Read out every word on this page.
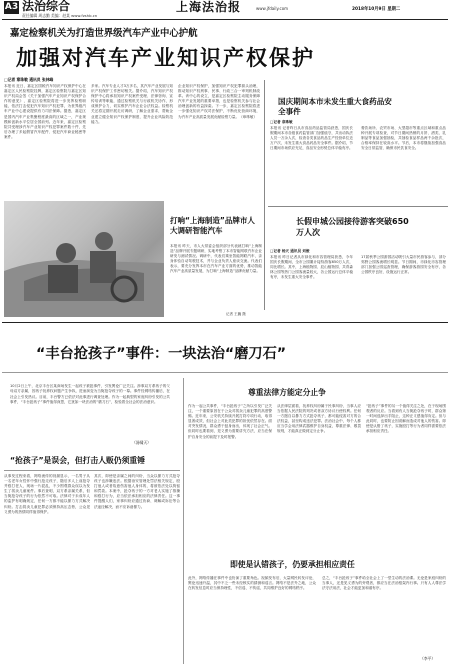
A3 法治综合
责任编辑 周志勤 美编：赵某 www.fzshb.cn
上海法治报	www.jfdaily.com	2018年10月9日 星期二
嘉定检察机关为打造世界级汽车产业中心护航
加强对汽车产业知识产权保护
□记者 章珠敏 通讯员 张林峰
本报讯 近日，嘉定区国税汽车知识产权保护中心在嘉定区人民检察院挂牌，嘉定区检察院与嘉定区知识产权局会签《关于加强汽车产业知识产权保护合作的意见》，嘉定区检察院将进一步发挥检察职能，依法打击侵犯汽车知识产权犯罪，为世界级汽车产业中心建设提供有力司法保障。据悉，嘉定区是国内汽车产业集聚程度最高的区域之一，产业规模和创新水平位居全国前列。近年来，嘉定区检察院共受理涉汽车产业知识产权犯罪案件数十件，先后办理了多起假冒汽车配件、侵犯汽车商业秘密等案件。
多家。汽车专业人才3万多名，其汽车产业发展与知识产权保护工作密切相关。据介绍，汽车知识产权保护中心将承担知识产权案件受理、法律咨询、宣传培训等职能，通过检察机关与行政机关协作，形成保护合力，切实维护汽车企业合法权益。检察机关还将定期开展走访调研，了解企业需求，帮助企业建立健全知识产权保护制度，提升企业风险防范能力。
企业知识产权保护，加强知识产权犯罪源头治理，推动知识产权刑事、民事、行政三合一审判机制改革。该中心的设立，是嘉定区检察院主动服务保障汽车产业发展的重要举措，也是检察机关参与社会治理创新的有益探索。下一步，嘉定区检察院将进一步强化知识产权司法保护，不断优化营商环境，为汽车产业高质量发展贡献检察力量。（章珠敏）
国庆期间本市未发生重大食药品安全事件
□记者 章珠敏
本报讯 记者昨日从市食品药品监管局获悉，国庆长假期间本市各级食药监管部门加强值守，共出动执法人员一万余人次，检查各类食品药品生产经营单位近万户次，未发生重大食品药品安全事件。据介绍，节日期间市场供应充足，食品安全形势总体平稳有序。
餐饮场所、农贸市场、大型超市等重点区域和重点品种开展专项检查，对节日期间热销的月饼、酒类、乳制品等食品加强抽检，共抽检食品样品两千余批次，合格率保持在较高水平。节后，本市将继续加强食品安全日常监管，确保市民饮食安全。
长假申城公园接待游客突破650万人次
□记者 杨天 通讯员 刘俊
本报讯 昨日记者从市绿化和市容管理局获悉，今年国庆长假期间，全市公园累计接待游客650万人次，同比增长。其中，上海植物园、辰山植物园、共青森林公园等热门公园客流量较大，各公园运行总体平稳有序，未发生重大安全事件。
17届秋季公园游园活动吸引大量市民游客参与，部分郊野公园客流增长明显。节日期间，市绿化市容管理部门加强公园巡查管理，确保游客游园安全有序，各公园秩序良好，设施运行正常。
打响“上海制造”品牌市人大调研智能汽车
本报讯 昨天，市人大常委会组织部分代表就打响“上海制造”品牌开展专题调研，实地考察了本市智能网联汽车企业研发与测试情况。调研中，代表们乘坐智能网联汽车，亲身体验自动驾驶技术，并与企业负责人座谈交流。代表们表示，要充分发挥本市在汽车产业方面的优势，推动智能汽车产业高质量发展，为打响“上海制造”品牌贡献力量。
记者 王巍 摄
“丰台抢孩子”事件：一块法治“磨刀石”
10月2日上午，北京丰台区某商场发生一起孩子被抢事件，引发舆论广泛关注。涉事双方系孩子的父母双方亲属，因孩子抚养权问题产生争执，进而演变为当街抢夺孩子的一幕。事件经网络传播后，在社会上引发热议。目前，丰台警方已依法对此事进行调查处理。作为一起典型的家庭纠纷引发的公共事件，“丰台抢孩子”事件值得深思，它犹如一块法治的“磨刀石”，检验着全社会的法治意识。
（汤啸天）
“抢孩子”是误会，但打击人贩仍须重锤
从事发过程来看，网络流传的视频显示，一名男子从一名老年女性怀中强行抢走孩子，随后多人上前抢夺并殴打老人，现场一片混乱，不少围观群众误以为发生了拐卖儿童案件。事后查明，双方系亲属关系，但当街抢夺孩子的行为依然不可取。法律对于未成年人的监护有明确规定，任何一方都不能以暴力方式解决纠纷。打击拐卖儿童犯罪必须保持高压态势，公众见义勇为的热情同样值得保护。
其次，即使是亲属之间的纠纷，当众以暴力方式抢夺孩子也涉嫌违法。根据治安管理处罚法相关规定，殴打他人或者故意伤害他人身体的，将被依法处以拘留和罚款。本案中，抢夺孩子的一方对老人实施了推搡和殴打行为，应当依法承担相应的法律责任。这一事件提醒人们，家事纠纷应通过协商、调解或诉讼等合法途径解决，而不应诉诸暴力。
尊重法律方能定分止争
作为一起公共事件，“丰台抢孩子”之所以引发广泛关注，一个重要原因在于公众对拐卖儿童犯罪的高度警惕。近年来，公安机关持续开展打拐专项行动，取得显著成效，但社会上对此类犯罪的担忧依然存在。面对突发情况，群众勇于挺身而出，体现了社会正气。但同时也要看到，见义勇为需要讲究方法，应当在保护自身安全的前提下及时报警。
从法律层面看，抚养权纠纷属于民事纠纷，当事人应当依据人民法院的判决或者双方协议行使权利。任何一方擅自以暴力方式抢夺孩子，都可能侵害对方的合法权益，甚至构成违法犯罪。法治社会中，每个人都应当学会用法律武器维护自身权益，尊重法律、敬畏规则，才能真正做到定分止争。
“抢孩子”事件的另一个值得关注之处，在于现场围观者的反应。当看到有人当街抢夺孩子时，群众第一时间选择出手阻止，这种正义感值得肯定。但与此同时，也要防止因误解而造成对他人的伤害。即使是认错了孩子，实施殴打等行为者同样需要依法承担相应责任。
即使是认错孩子，仍要承担相应责任
此外，网络传播在事件中也扮演了重要角色。视频发布后，大量网民转发评论，舆论迅速升温，其中不乏一些未经核实的猜测和谣言。网络不是法外之地，公众在转发信息时应当保持理性，不信谣、不传谣，共同维护良好的网络秩序。
总之，“丰台抢孩子”事件给全社会上了一堂生动的法治课。无论是家庭纠纷的当事人，还是见义勇为的旁观者，都应当在法治框架内行事。只有人人尊法学法守法用法，社会才能更加和谐有序。
（李平）
